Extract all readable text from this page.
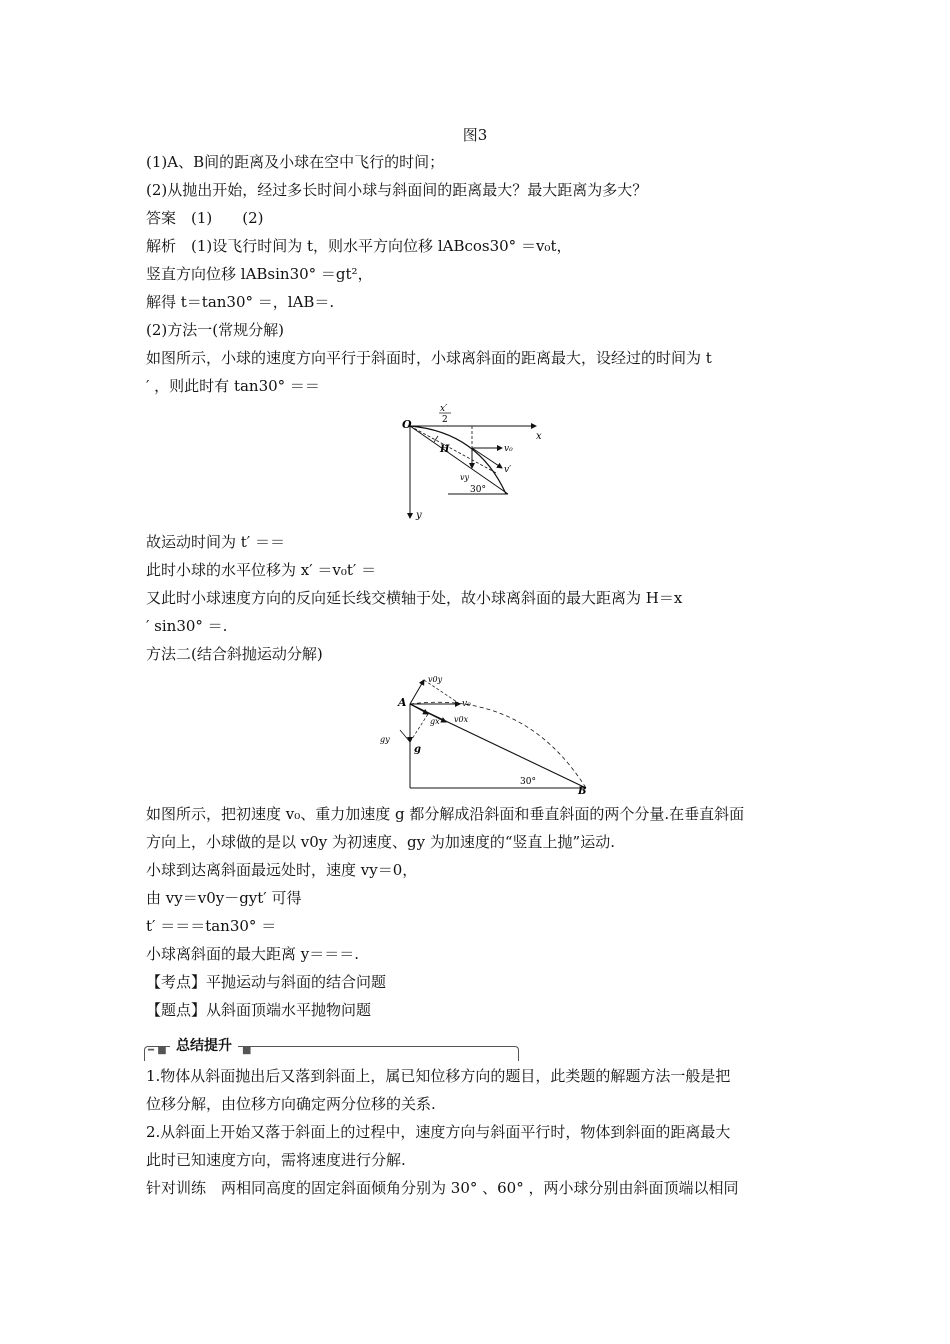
图3
(1)A、B间的距离及小球在空中飞行的时间；
(2)从抛出开始，经过多长时间小球与斜面间的距离最大？最大距离为多大？
答案　(1)　　(2)
解析　(1)设飞行时间为 t，则水平方向位移 lABcos30° ＝v₀t，
竖直方向位移 lABsin30° ＝gt²，
解得 t＝tan30° ＝，lAB＝.
(2)方法一(常规分解)
如图所示，小球的速度方向平行于斜面时，小球离斜面的距离最大，设经过的时间为 t
′ ，则此时有 tan30° ＝＝
O
x
y
x′
2
H	v₀
v′
vy
30°
故运动时间为 t′ ＝＝
此时小球的水平位移为 x′ ＝v₀t′ ＝
又此时小球速度方向的反向延长线交横轴于处，故小球离斜面的最大距离为 H＝x
′ sin30° ＝.
方法二(结合斜抛运动分解)
A
B
v0y
v₀
v0x
gx
gy
g
30°
如图所示，把初速度 v₀、重力加速度 g 都分解成沿斜面和垂直斜面的两个分量.在垂直斜面
方向上，小球做的是以 v0y 为初速度、gy 为加速度的“竖直上抛”运动.
小球到达离斜面最远处时，速度 vy＝0，
由 vy＝v0y－gyt′ 可得
t′ ＝＝＝tan30° ＝
小球离斜面的最大距离 y＝＝＝.
【考点】平抛运动与斜面的结合问题
【题点】从斜面顶端水平抛物问题
━ ■ 总结提升	■
1.物体从斜面抛出后又落到斜面上，属已知位移方向的题目，此类题的解题方法一般是把
位移分解，由位移方向确定两分位移的关系.
2.从斜面上开始又落于斜面上的过程中，速度方向与斜面平行时，物体到斜面的距离最大
此时已知速度方向，需将速度进行分解.
针对训练　两相同高度的固定斜面倾角分别为 30° 、60° ，两小球分别由斜面顶端以相同
